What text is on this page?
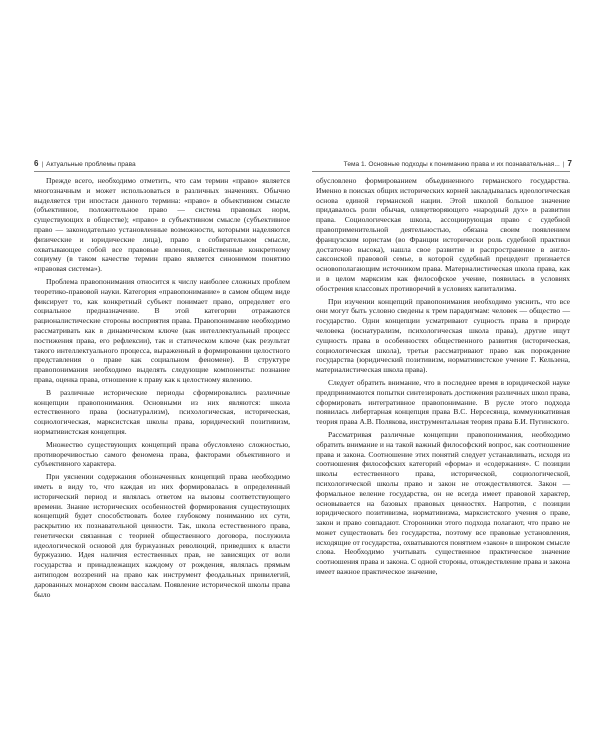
6 | Актуальные проблемы права	Тема 1. Основные подходы к пониманию права и их познавательная... | 7

Прежде всего, необходимо отметить, что сам термин «право» является многозначным и может использоваться в различных значениях. Обычно выделяется три ипостаси данного термина: «право» в объективном смысле (объективное, положительное право — система правовых норм, существующих в обществе); «право» в субъективном смысле (субъективное право — законодательно установленные возможности, которыми наделяются физические и юридические лица), право в собирательном смысле, охватывающее собой все правовые явления, свойственные конкретному социуму (в таком качестве термин право является синонимом понятию «правовая система»).

Проблема правопонимания относится к числу наиболее сложных проблем теоретико-правовой науки. Категория «правопонимание» в самом общем виде фиксирует то, как конкретный субъект понимает право, определяет его социальное предназначение. В этой категории отражаются рационалистические стороны восприятия права. Правопонимание необходимо рассматривать как в динамическом ключе (как интеллектуальный процесс постижения права, его рефлексии), так и статическом ключе (как результат такого интеллектуального процесса, выраженный в формировании целостного представления о праве как социальном феномене). В структуре правопонимания необходимо выделять следующие компоненты: познание права, оценка права, отношение к праву как к целостному явлению.

В различные исторические периоды сформировались различные концепции правопонимания. Основными из них являются: школа естественного права (юснатурализм), психологическая, историческая, социологическая, марксистская школы права, юридический позитивизм, нормативистская концепция.

Множество существующих концепций права обусловлено сложностью, противоречивостью самого феномена права, факторами объективного и субъективного характера.

При уяснении содержания обозначенных концепций права необходимо иметь в виду то, что каждая из них формировалась в определенный исторический период и являлась ответом на вызовы соответствующего времени. Знание исторических особенностей формирования существующих концепций будет способствовать более глубокому пониманию их сути, раскрытию их познавательной ценности. Так, школа естественного права, генетически связанная с теорией общественного договора, послужила идеологической основой для буржуазных революций, приведших к власти буржуазию. Идея наличия естественных прав, не зависящих от воли государства и принадлежащих каждому от рождения, являлась прямым антиподом воззрений на право как инструмент феодальных привилегий, дарованных монархом своим вассалам. Появление исторической школы права было

обусловлено формированием объединенного германского государства. Именно в поисках общих исторических корней закладывалась идеологическая основа единой германской нации. Этой школой большое значение придавалось роли обычая, олицетворяющего «народный дух» в развитии права. Социологическая школа, ассоциирующая право с судебной правоприменительной деятельностью, обязана своим появлением французским юристам (во Франции исторически роль судебной практики достаточно высока), нашла свое развитие и распространение в англо-саксонской правовой семье, в которой судебный прецедент признается основополагающим источником права. Материалистическая школа права, как и в целом марксизм как философское учение, появилась в условиях обострения классовых противоречий в условиях капитализма.

При изучении концепций правопонимания необходимо уяснить, что все они могут быть условно сведены к трем парадигмам: человек — общество — государство. Одни концепции усматривают сущность права в природе человека (юснатурализм, психологическая школа права), другие ищут сущность права в особенностях общественного развития (историческая, социологическая школа), третьи рассматривают право как порождение государства (юридический позитивизм, нормативистское учение Г. Кельзена, материалистическая школа права).

Следует обратить внимание, что в последнее время в юридической науке предпринимаются попытки синтезировать достижения различных школ права, сформировать интегративное правопонимание. В русле этого подхода появилась либертарная концепция права В.С. Нерсесянца, коммуникативная теория права А.В. Полякова, инструментальная теория права Б.И. Пугинского.

Рассматривая различные концепции правопонимания, необходимо обратить внимание и на такой важный философский вопрос, как соотношение права и закона. Соотношение этих понятий следует устанавливать, исходя из соотношения философских категорий «форма» и «содержания». С позиции школы естественного права, исторической, социологической, психологической школы право и закон не отождествляются. Закон — формальное веление государства, он не всегда имеет правовой характер, основывается на базовых правовых ценностях. Напротив, с позиции юридического позитивизма, нормативизма, марксистского учения о праве, закон и право совпадают. Сторонники этого подхода полагают, что право не может существовать без государства, поэтому все правовые установления, исходящие от государства, охватываются понятием «закон» в широком смысле слова. Необходимо учитывать существенное практическое значение соотношения права и закона. С одной стороны, отождествление права и закона имеет важное практическое значение,
